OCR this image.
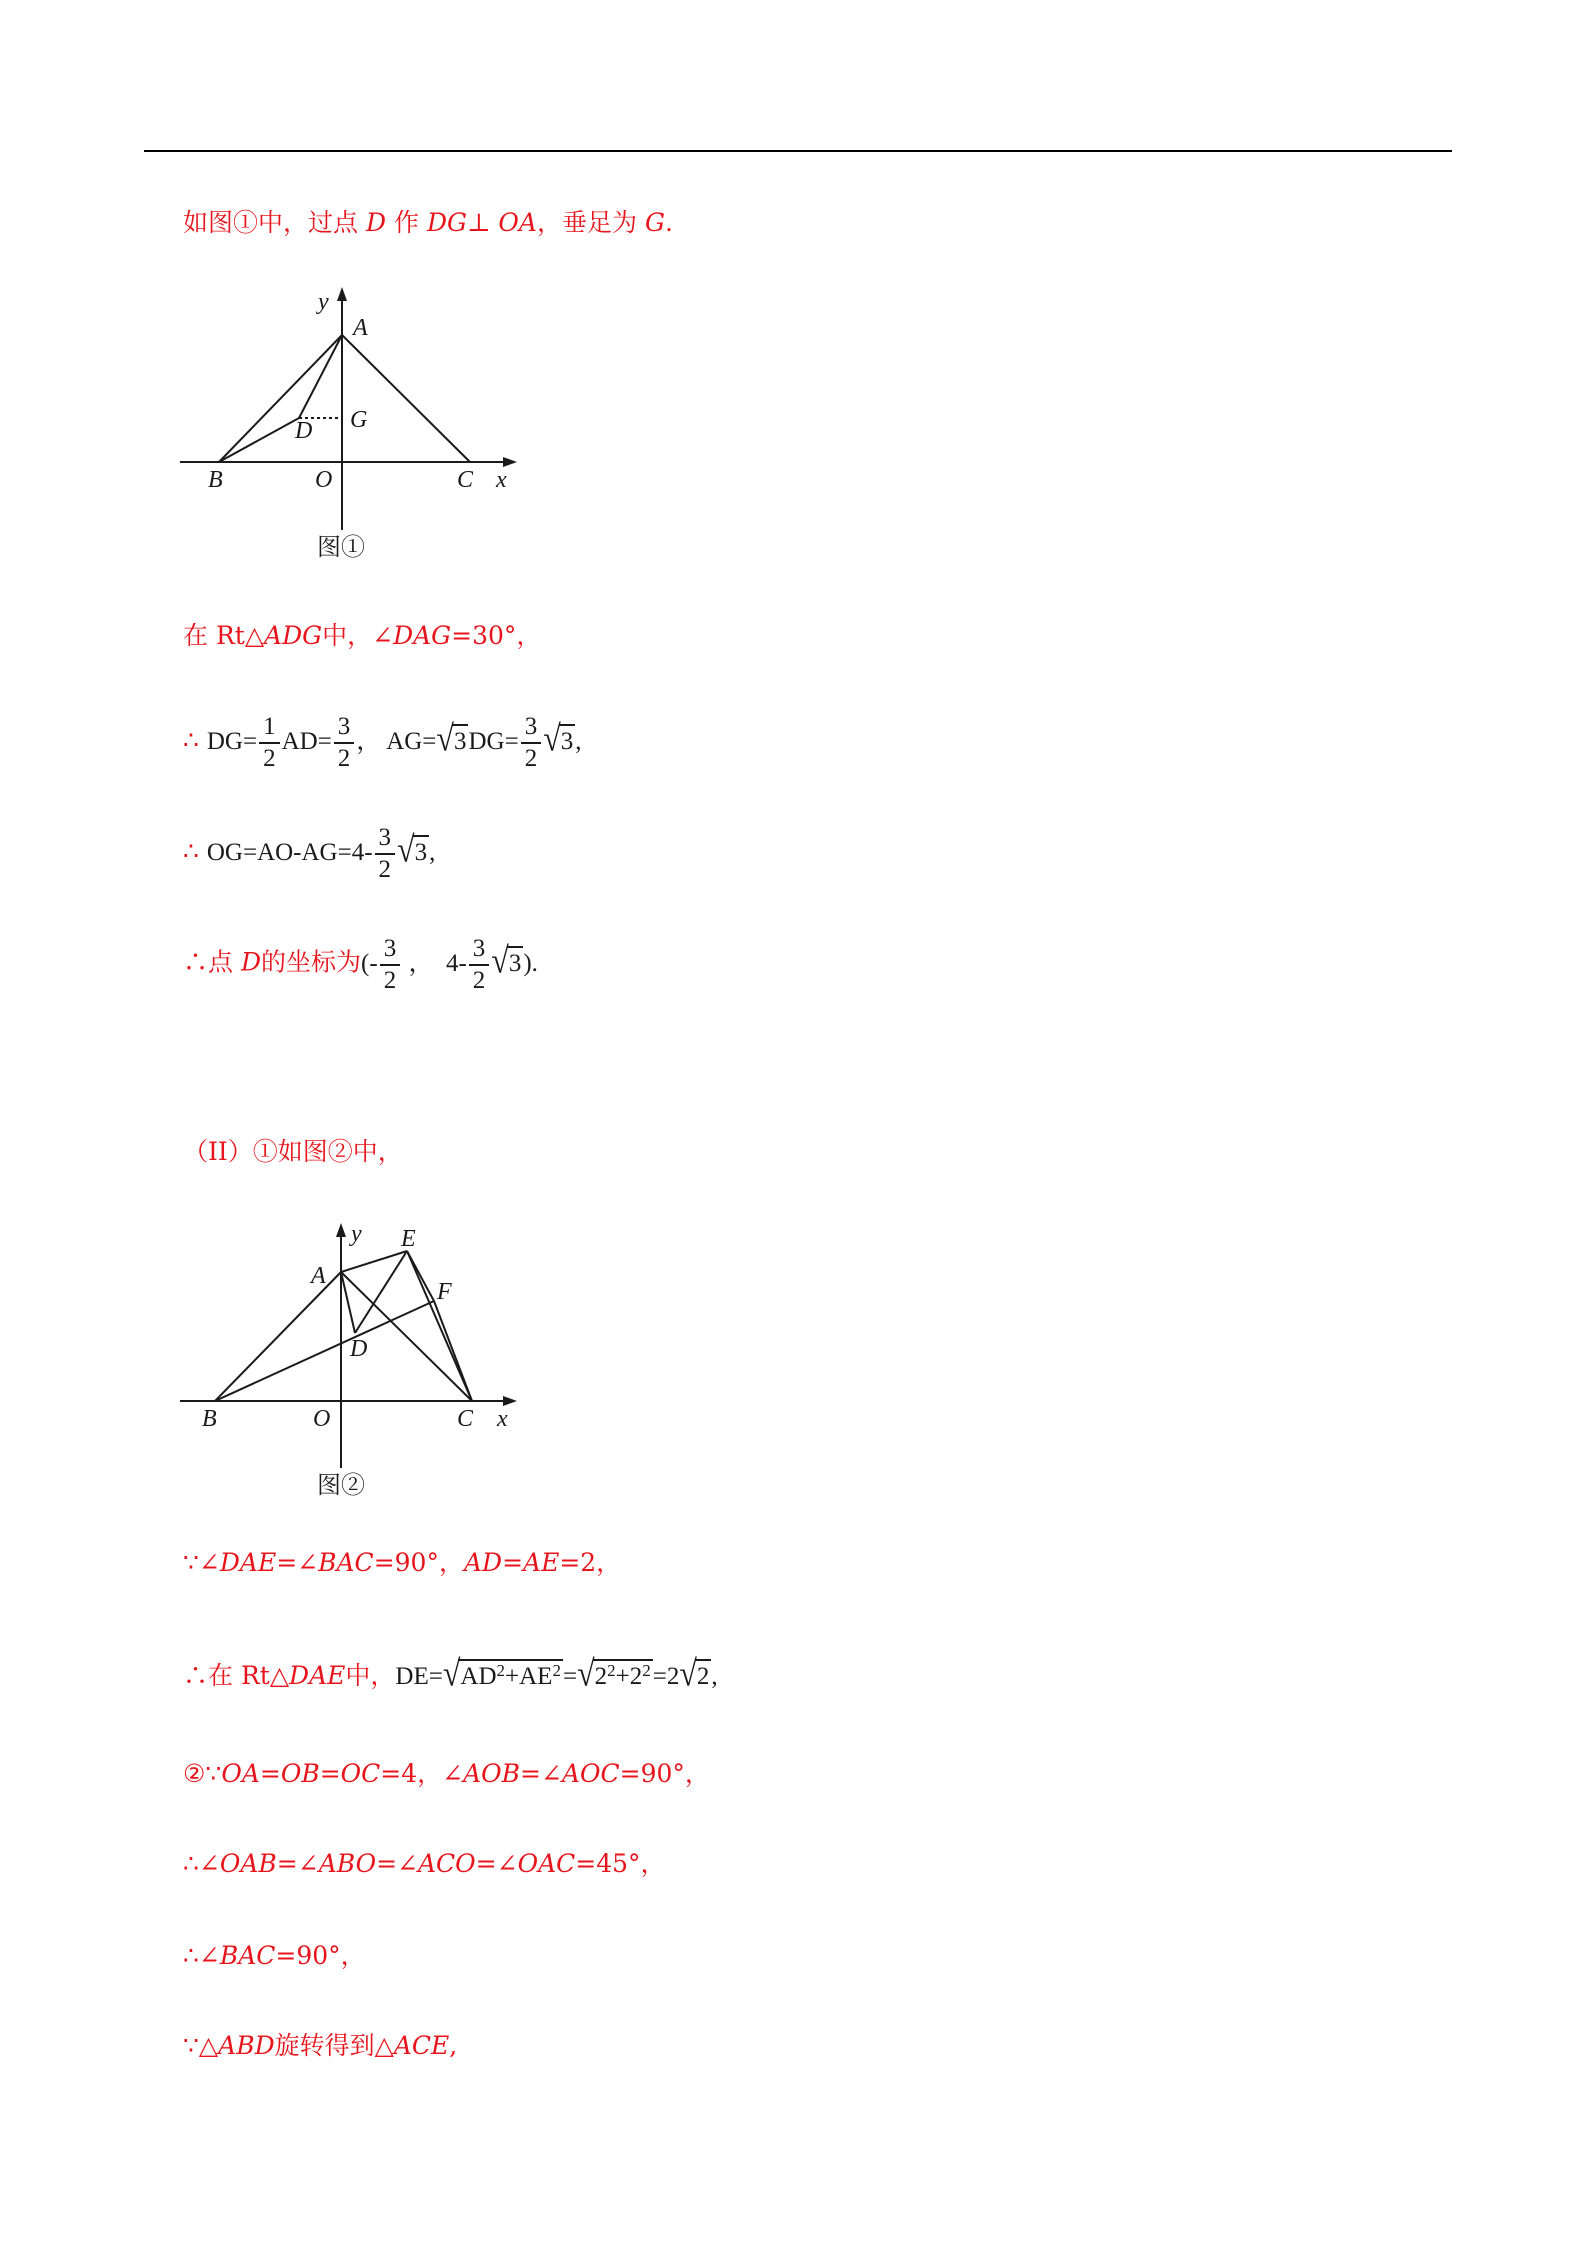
如图①中，过点 D 作 DG⊥ OA，垂足为 G.
y
A
D G
B	O	C x
图①
在 Rt△ADG中，∠DAG=30°，
∴ $DG= \frac{1}{2} AD= \frac{3}{2}$ ， $AG=√3DG= \frac{3}{2} √3$,
∴ $OG=AO-AG=4- \frac{3}{2} √3$,
∴点 D的坐标为(- $\frac{3}{2}$ ， $4- \frac{3}{2} √3$).
（II）①如图②中，
y
A
E
F
D
B	O	C x
图②
∵∠DAE=∠BAC=90°，AD=AE=2，
∴在 Rt△DAE中，$DE=√AD^2+AE^2=√2^2+2^2=2√2$,
②∵OA=OB=OC=4，∠AOB=∠AOC=90°，
∴∠OAB=∠ABO=∠ACO=∠OAC=45°，
∴∠BAC=90°，
∵△ABD旋转得到△ACE,
